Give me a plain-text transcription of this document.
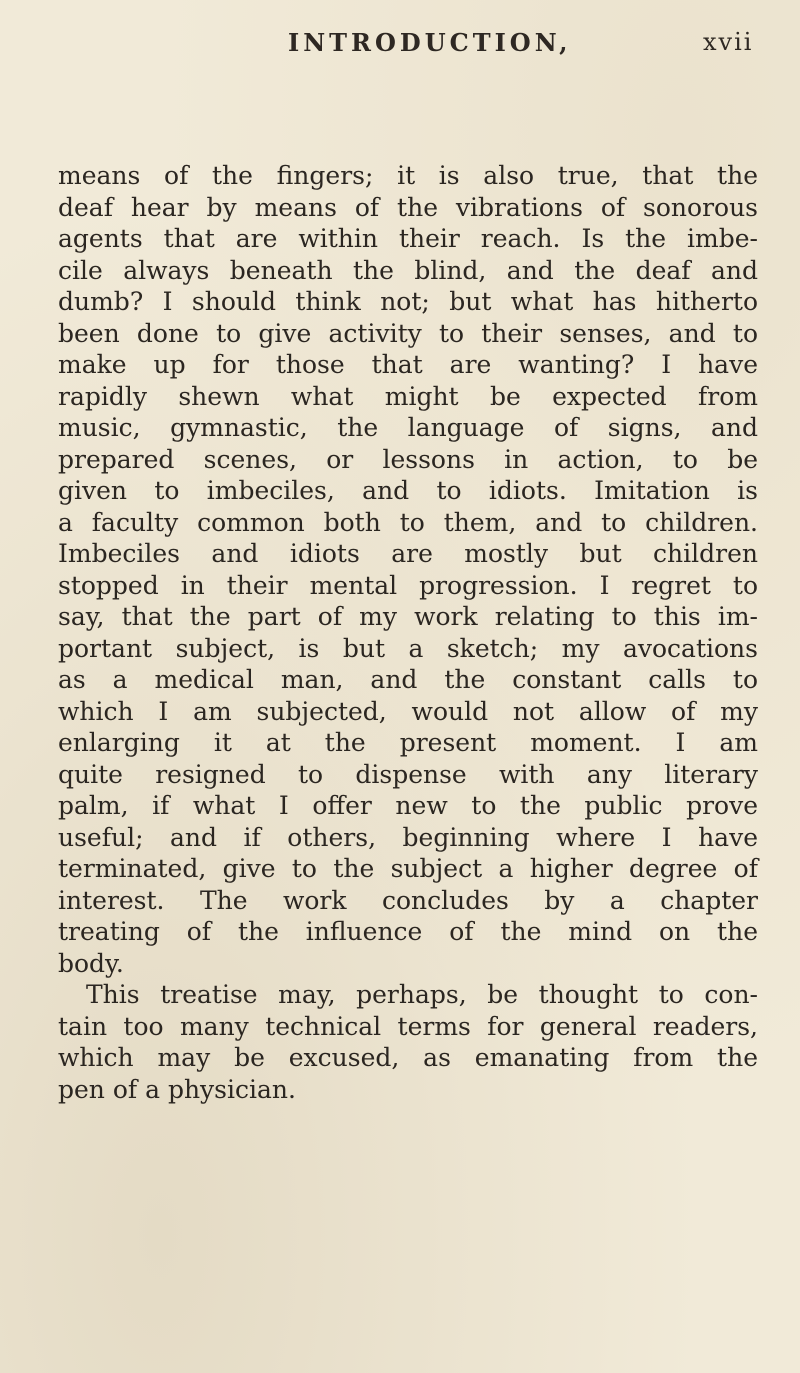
INTRODUCTION,	xvii
means of the fingers; it is also true, that the
deaf hear by means of the vibrations of sonorous
agents that are within their reach. Is the imbe-
cile always beneath the blind, and the deaf and
dumb? I should think not; but what has hitherto
been done to give activity to their senses, and to
make up for those that are wanting? I have
rapidly shewn what might be expected from
music, gymnastic, the language of signs, and
prepared scenes, or lessons in action, to be
given to imbeciles, and to idiots. Imitation is
a faculty common both to them, and to children.
Imbeciles and idiots are mostly but children
stopped in their mental progression. I regret to
say, that the part of my work relating to this im-
portant subject, is but a sketch; my avocations
as a medical man, and the constant calls to
which I am subjected, would not allow of my
enlarging it at the present moment. I am
quite resigned to dispense with any literary
palm, if what I offer new to the public prove
useful; and if others, beginning where I have
terminated, give to the subject a higher degree of
interest. The work concludes by a chapter
treating of the influence of the mind on the
body.
This treatise may, perhaps, be thought to con-
tain too many technical terms for general readers,
which may be excused, as emanating from the
pen of a physician.
